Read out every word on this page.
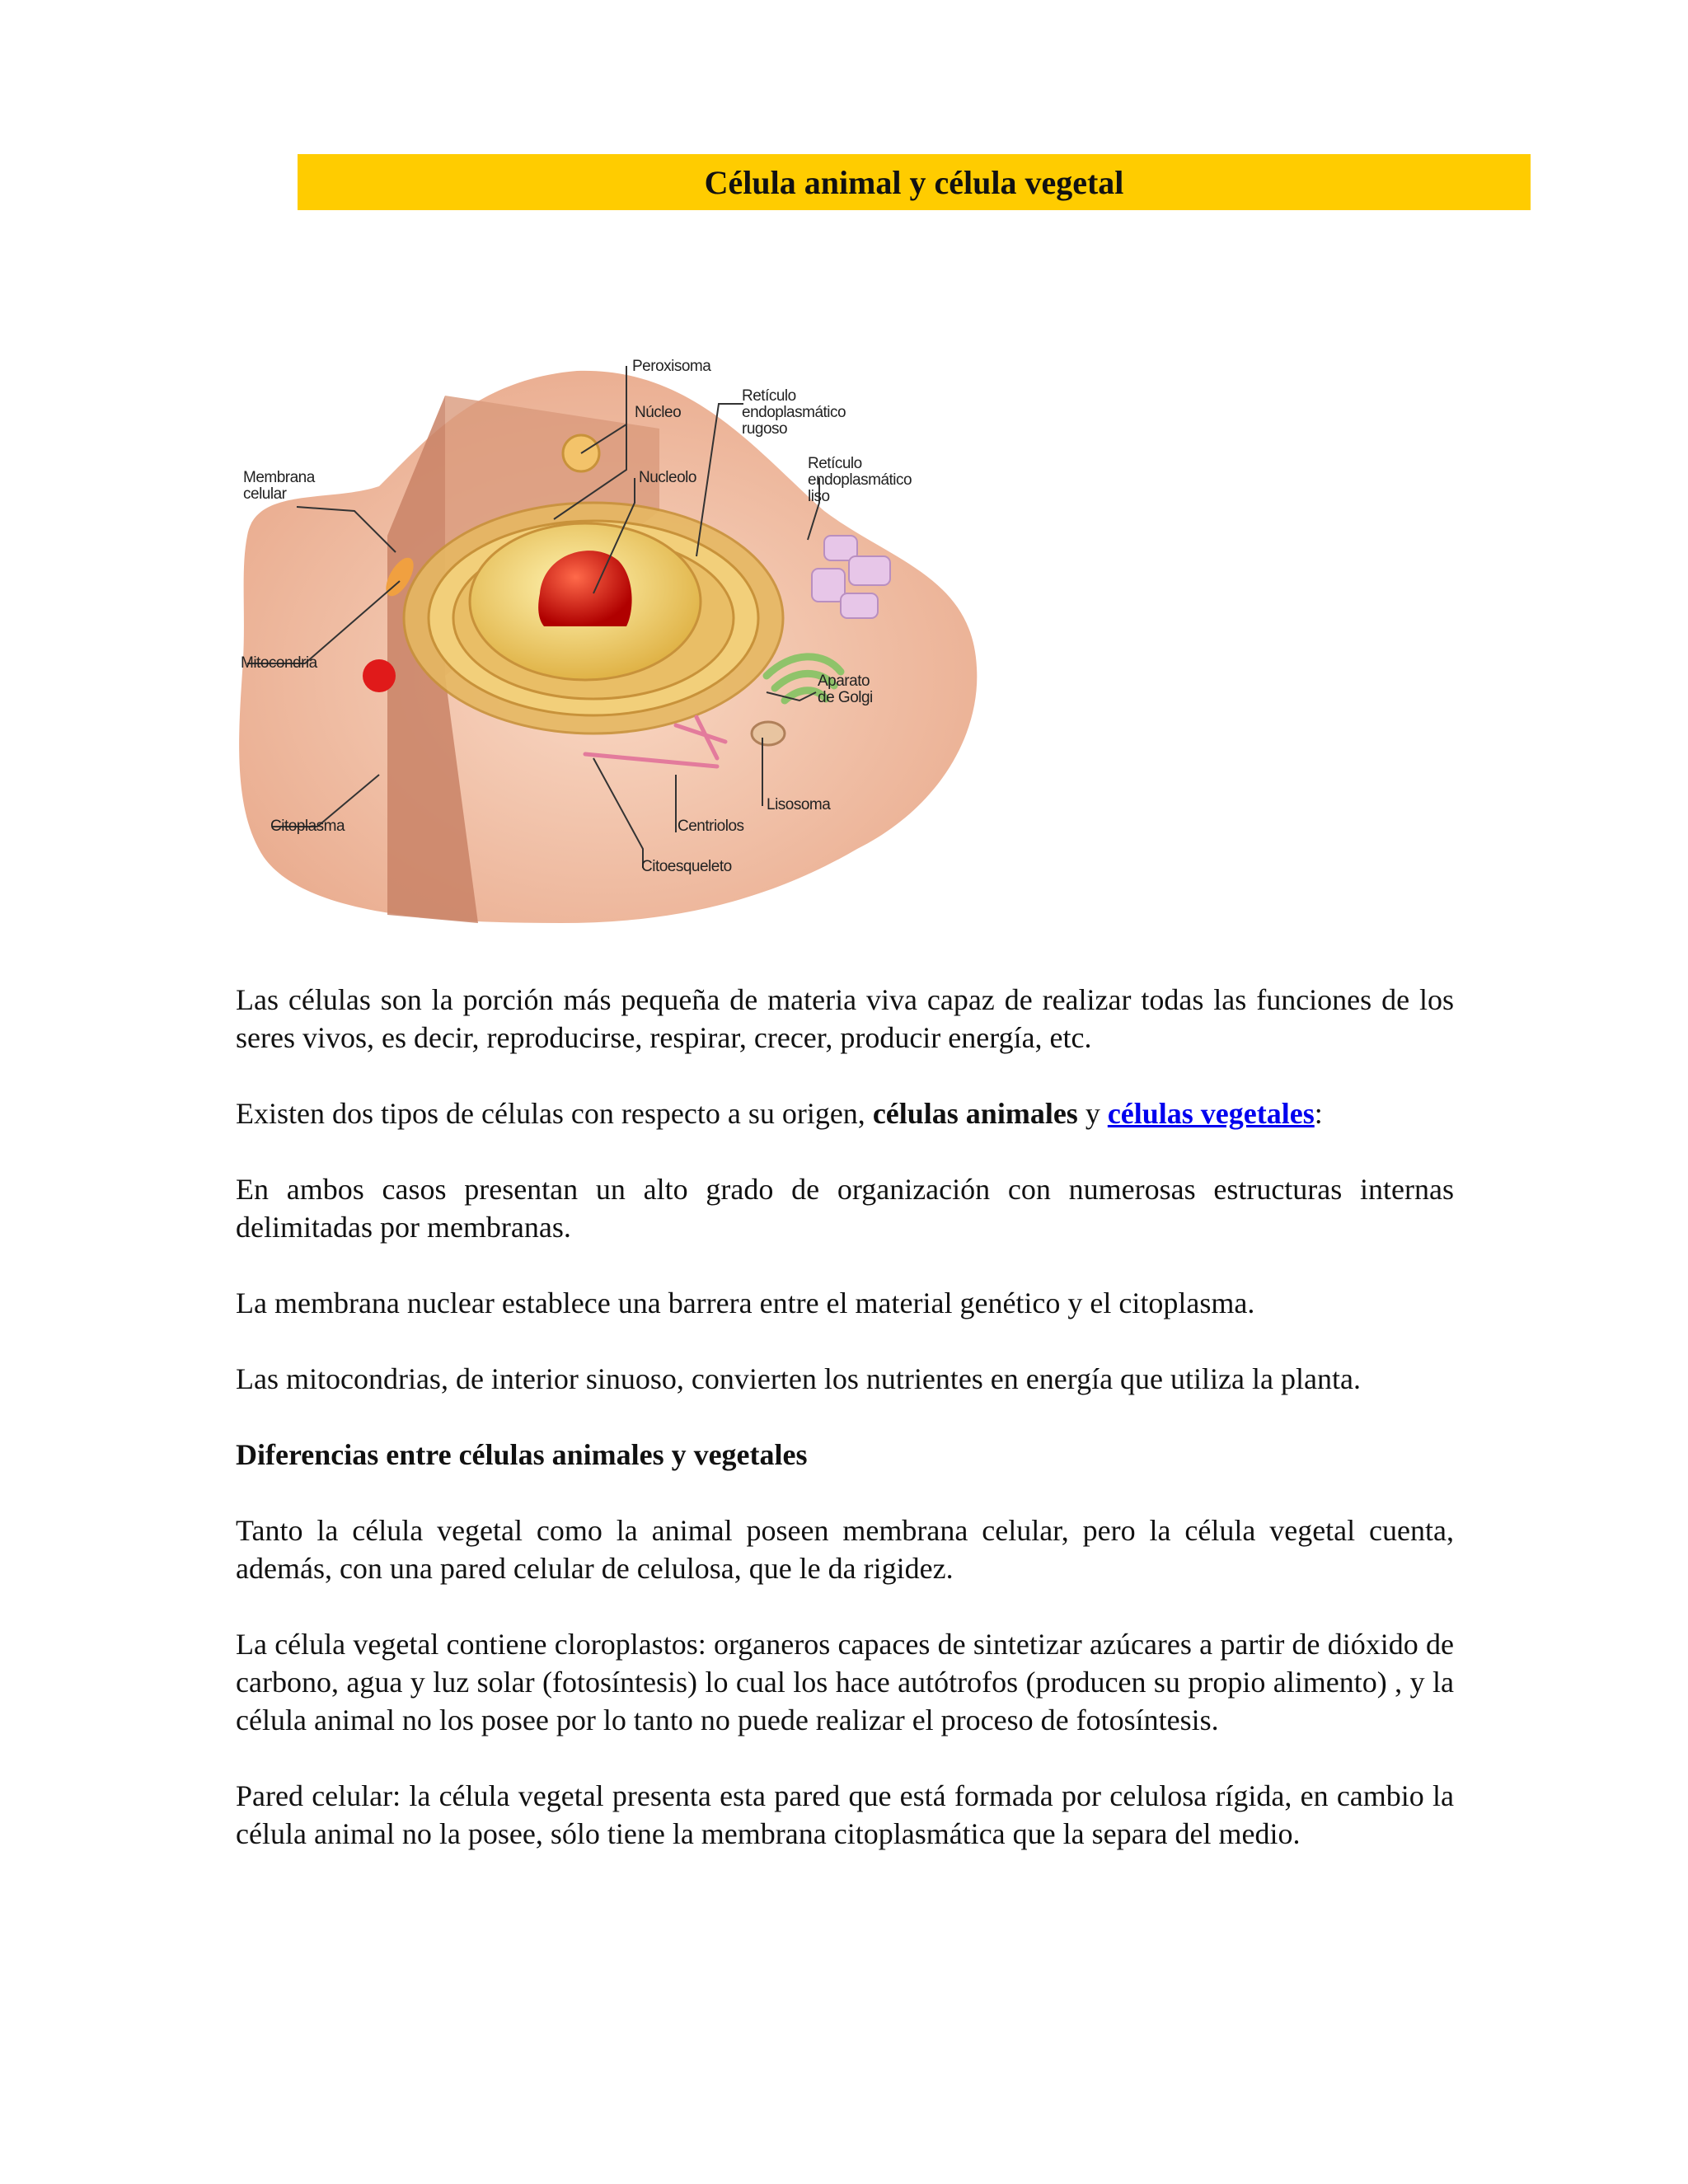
Célula animal y célula vegetal
Peroxisoma
Núcleo
Retículo
endoplasmático
rugoso
Membrana
celular
Nucleolo
Retículo
endoplasmático
liso
Mitocondria
Aparato
de Golgi
Lisosoma
Citoplasma	Centriolos
Citoesqueleto

Las células son la porción más pequeña de materia viva capaz de realizar todas las funciones de los seres vivos, es decir, reproducirse, respirar, crecer, producir energía, etc.

Existen dos tipos de células con respecto a su origen, células animales y células vegetales:

En ambos casos presentan un alto grado de organización con numerosas estructuras internas delimitadas por membranas.

La membrana nuclear establece una barrera entre el material genético y el citoplasma.

Las mitocondrias, de interior sinuoso, convierten los nutrientes en energía que utiliza la planta.

Diferencias entre células animales y vegetales

Tanto la célula vegetal como la animal poseen membrana celular, pero la célula vegetal cuenta, además, con una pared celular de celulosa, que le da rigidez.

La célula vegetal contiene cloroplastos: organeros capaces de sintetizar azúcares a partir de dióxido de carbono, agua y luz solar (fotosíntesis) lo cual los hace autótrofos (producen su propio alimento) , y la célula animal no los posee por lo tanto no puede realizar el proceso de fotosíntesis.

Pared celular: la célula vegetal presenta esta pared que está formada por celulosa rígida, en cambio la célula animal no la posee, sólo tiene la membrana citoplasmática que la separa del medio.
